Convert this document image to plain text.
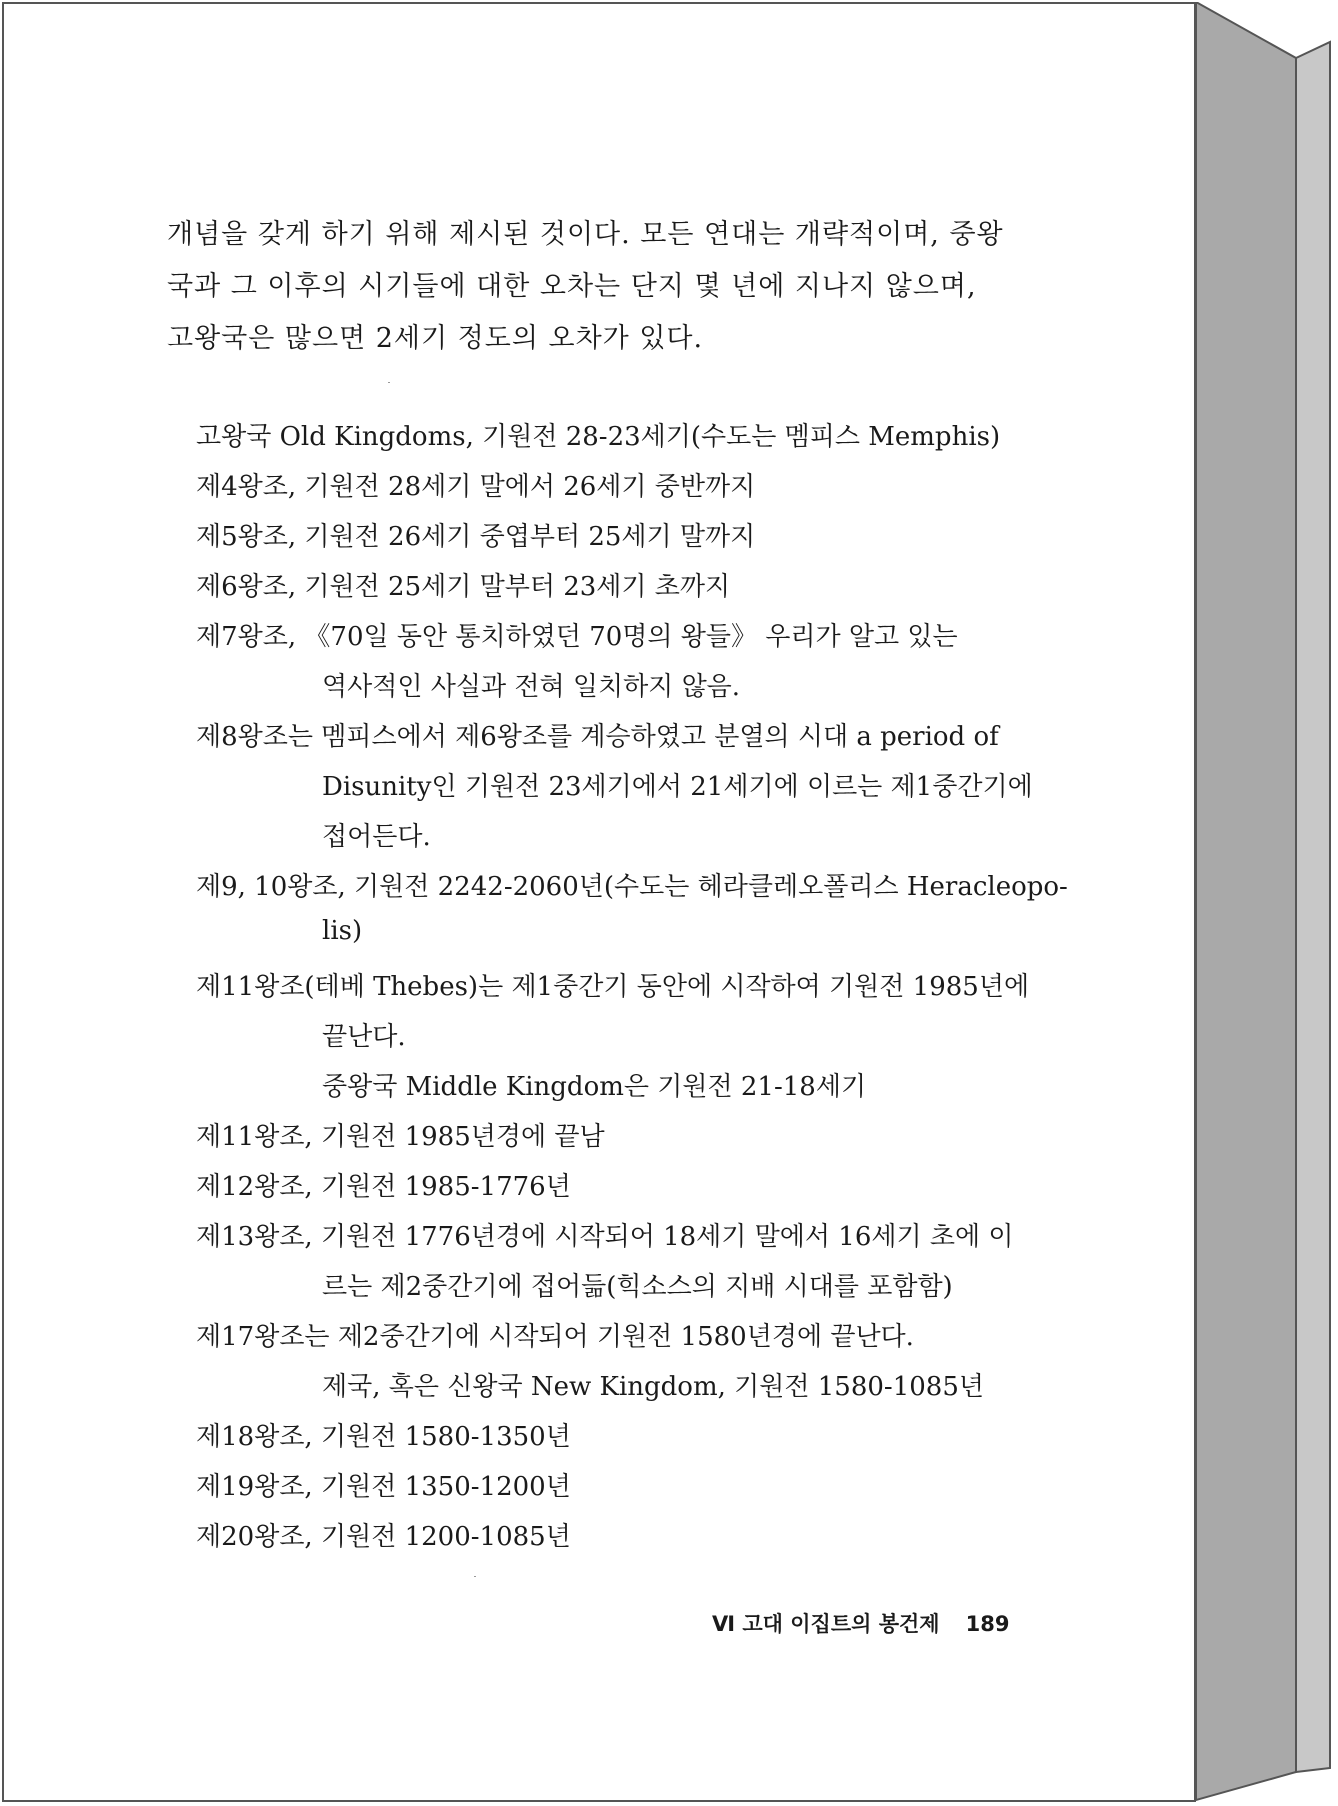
개념을 갖게 하기 위해 제시된 것이다. 모든 연대는 개략적이며, 중왕

국과 그 이후의 시기들에 대한 오차는 단지 몇 년에 지나지 않으며,

고왕국은 많으면 2세기 정도의 오차가 있다.

고왕국 Old Kingdoms, 기원전 28-23세기(수도는 멤피스 Memphis)

제4왕조, 기원전 28세기 말에서 26세기 중반까지

제5왕조, 기원전 26세기 중엽부터 25세기 말까지

제6왕조, 기원전 25세기 말부터 23세기 초까지

제7왕조, 《70일 동안 통치하였던 70명의 왕들》 우리가 알고 있는

역사적인 사실과 전혀 일치하지 않음.

제8왕조는 멤피스에서 제6왕조를 계승하였고 분열의 시대 a period of

Disunity인 기원전 23세기에서 21세기에 이르는 제1중간기에

접어든다.

제9, 10왕조, 기원전 2242-2060년(수도는 헤라클레오폴리스 Heracleopo-

lis)

제11왕조(테베 Thebes)는 제1중간기 동안에 시작하여 기원전 1985년에

끝난다.

중왕국 Middle Kingdom은 기원전 21-18세기

제11왕조, 기원전 1985년경에 끝남

제12왕조, 기원전 1985-1776년

제13왕조, 기원전 1776년경에 시작되어 18세기 말에서 16세기 초에 이

르는 제2중간기에 접어듦(힉소스의 지배 시대를 포함함)

제17왕조는 제2중간기에 시작되어 기원전 1580년경에 끝난다.

제국, 혹은 신왕국 New Kingdom, 기원전 1580-1085년

제18왕조, 기원전 1580-1350년

제19왕조, 기원전 1350-1200년

제20왕조, 기원전 1200-1085년

Ⅵ 고대 이집트의 봉건제 189
